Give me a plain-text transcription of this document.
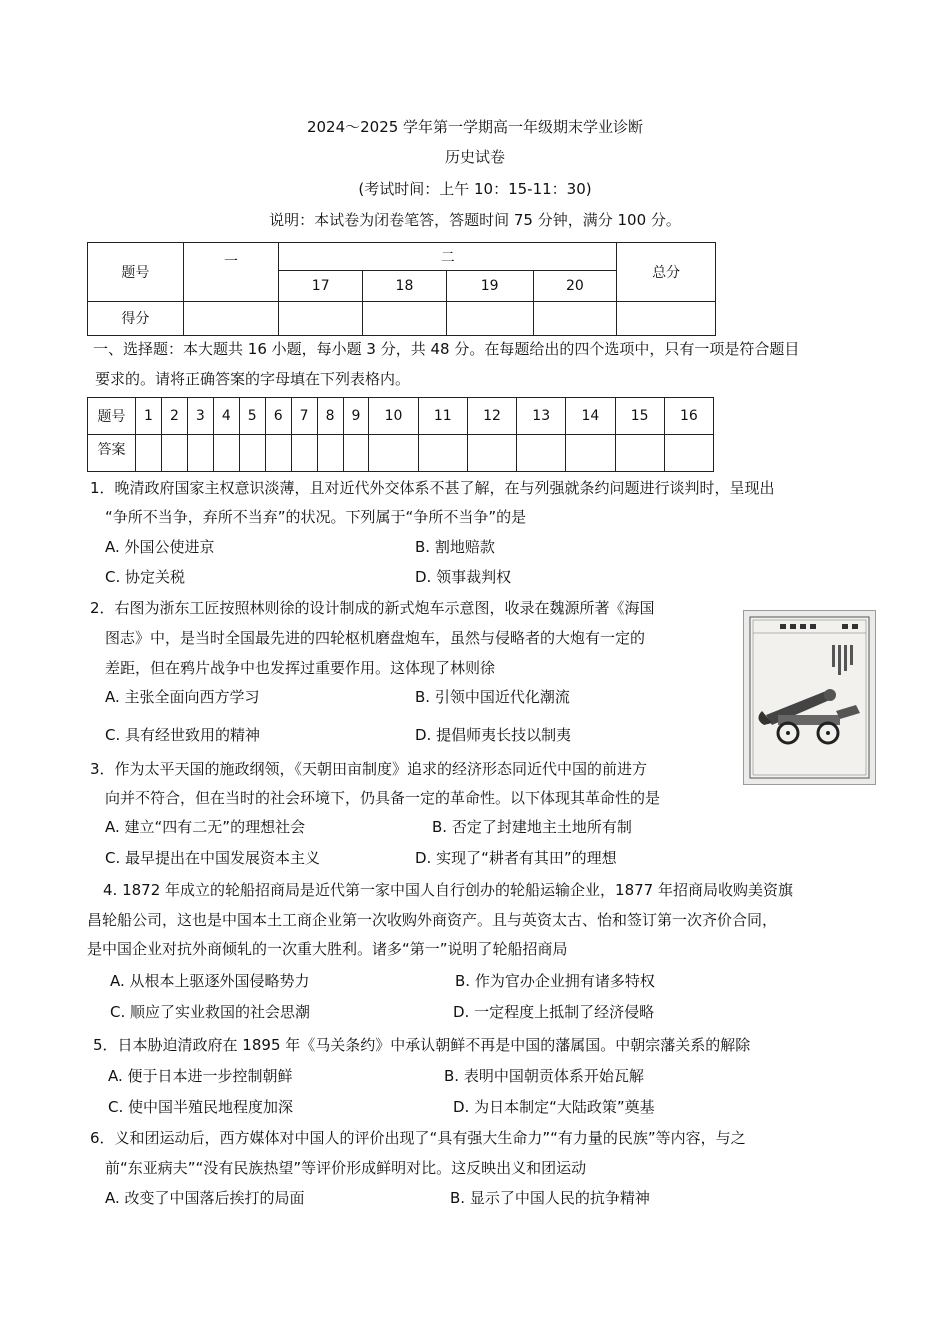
2024～2025 学年第一学期高一年级期末学业诊断
历史试卷
(考试时间：上午 10：15-11：30)
说明：本试卷为闭卷笔答，答题时间 75 分钟，满分 100 分。
题号	一	二				总分
		17	18	19	20	
得分						
一、选择题：本大题共 16 小题，每小题 3 分，共 48 分。在每题给出的四个选项中，只有一项是符合题目
要求的。请将正确答案的字母填在下列表格内。
题号	1	2	3	4	5	6	7	8	9	10	11	12	13	14	15	16
答案																
1．晚清政府国家主权意识淡薄，且对近代外交体系不甚了解，在与列强就条约问题进行谈判时，呈现出
“争所不当争，弃所不当弃”的状况。下列属于“争所不当争”的是
A. 外国公使进京	B. 割地赔款
C. 协定关税	D. 领事裁判权
2．右图为浙东工匠按照林则徐的设计制成的新式炮车示意图，收录在魏源所著《海国
图志》中，是当时全国最先进的四轮枢机磨盘炮车，虽然与侵略者的大炮有一定的
差距，但在鸦片战争中也发挥过重要作用。这体现了林则徐
A. 主张全面向西方学习	B. 引领中国近代化潮流
C. 具有经世致用的精神	D. 提倡师夷长技以制夷
3．作为太平天国的施政纲领，《天朝田亩制度》追求的经济形态同近代中国的前进方
向并不符合，但在当时的社会环境下，仍具备一定的革命性。以下体现其革命性的是
A. 建立“四有二无”的理想社会	B. 否定了封建地主土地所有制
C. 最早提出在中国发展资本主义	D. 实现了“耕者有其田”的理想
4. 1872 年成立的轮船招商局是近代第一家中国人自行创办的轮船运输企业，1877 年招商局收购美资旗
昌轮船公司，这也是中国本土工商企业第一次收购外商资产。且与英资太古、怡和签订第一次齐价合同，
是中国企业对抗外商倾轧的一次重大胜利。诸多“第一”说明了轮船招商局
A. 从根本上驱逐外国侵略势力	B. 作为官办企业拥有诸多特权
C. 顺应了实业救国的社会思潮	D. 一定程度上抵制了经济侵略
5．日本胁迫清政府在 1895 年《马关条约》中承认朝鲜不再是中国的藩属国。中朝宗藩关系的解除
A. 便于日本进一步控制朝鲜	B. 表明中国朝贡体系开始瓦解
C. 使中国半殖民地程度加深	D. 为日本制定“大陆政策”奠基
6．义和团运动后，西方媒体对中国人的评价出现了“具有强大生命力”“有力量的民族”等内容，与之
前“东亚病夫”“没有民族热望”等评价形成鲜明对比。这反映出义和团运动
A. 改变了中国落后挨打的局面	B. 显示了中国人民的抗争精神
